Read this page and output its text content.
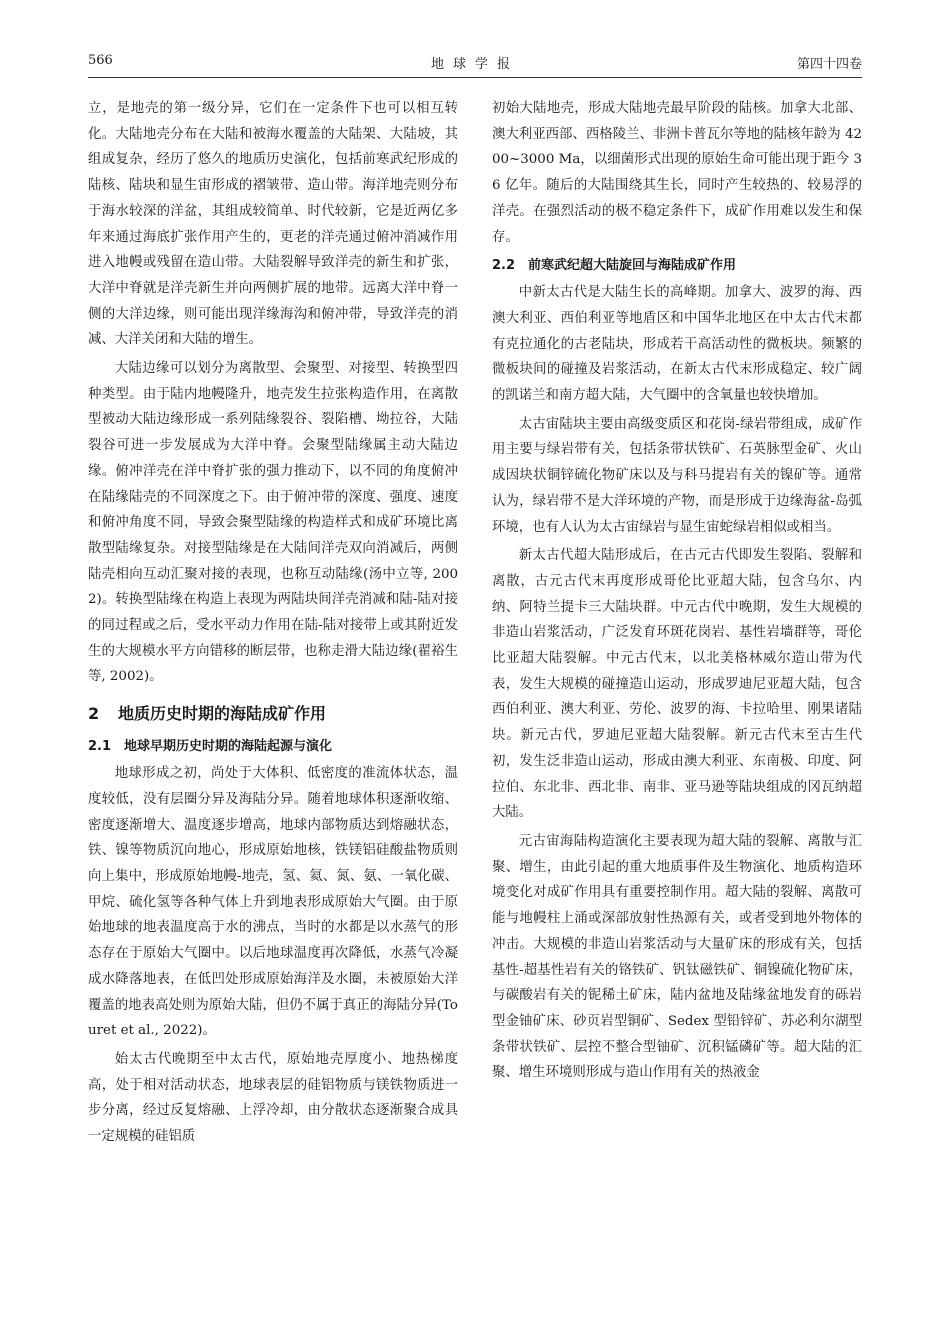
566	地球学报	第四十四卷

立，是地壳的第一级分异，它们在一定条件下也可以相互转化。大陆地壳分布在大陆和被海水覆盖的大陆架、大陆坡，其组成复杂，经历了悠久的地质历史演化，包括前寒武纪形成的陆核、陆块和显生宙形成的褶皱带、造山带。海洋地壳则分布于海水较深的洋盆，其组成较简单、时代较新，它是近两亿多年来通过海底扩张作用产生的，更老的洋壳通过俯冲消减作用进入地幔或残留在造山带。大陆裂解导致洋壳的新生和扩张，大洋中脊就是洋壳新生并向两侧扩展的地带。远离大洋中脊一侧的大洋边缘，则可能出现洋缘海沟和俯冲带，导致洋壳的消减、大洋关闭和大陆的增生。

大陆边缘可以划分为离散型、会聚型、对接型、转换型四种类型。由于陆内地幔隆升，地壳发生拉张构造作用，在离散型被动大陆边缘形成一系列陆缘裂谷、裂陷槽、坳拉谷，大陆裂谷可进一步发展成为大洋中脊。会聚型陆缘属主动大陆边缘。俯冲洋壳在洋中脊扩张的强力推动下，以不同的角度俯冲在陆缘陆壳的不同深度之下。由于俯冲带的深度、强度、速度和俯冲角度不同，导致会聚型陆缘的构造样式和成矿环境比离散型陆缘复杂。对接型陆缘是在大陆间洋壳双向消减后，两侧陆壳相向互动汇聚对接的表现，也称互动陆缘(汤中立等, 2002)。转换型陆缘在构造上表现为两陆块间洋壳消减和陆-陆对接的同过程或之后，受水平动力作用在陆-陆对接带上或其附近发生的大规模水平方向错移的断层带，也称走滑大陆边缘(翟裕生等, 2002)。

2 地质历史时期的海陆成矿作用
2.1 地球早期历史时期的海陆起源与演化

地球形成之初，尚处于大体积、低密度的准流体状态，温度较低，没有层圈分异及海陆分异。随着地球体积逐渐收缩、密度逐渐增大、温度逐步增高，地球内部物质达到熔融状态，铁、镍等物质沉向地心，形成原始地核，铁镁铝硅酸盐物质则向上集中，形成原始地幔-地壳，氢、氦、氮、氨、一氧化碳、甲烷、硫化氢等各种气体上升到地表形成原始大气圈。由于原始地球的地表温度高于水的沸点，当时的水都是以水蒸气的形态存在于原始大气圈中。以后地球温度再次降低，水蒸气冷凝成水降落地表，在低凹处形成原始海洋及水圈，未被原始大洋覆盖的地表高处则为原始大陆，但仍不属于真正的海陆分异(Touret et al., 2022)。

始太古代晚期至中太古代，原始地壳厚度小、地热梯度高，处于相对活动状态，地球表层的硅铝物质与镁铁物质进一步分离，经过反复熔融、上浮冷却，由分散状态逐渐聚合成具一定规模的硅铝质

初始大陆地壳，形成大陆地壳最早阶段的陆核。加拿大北部、澳大利亚西部、西格陵兰、非洲卡普瓦尔等地的陆核年龄为 4200~3000 Ma，以细菌形式出现的原始生命可能出现于距今 36 亿年。随后的大陆围绕其生长，同时产生较热的、较易浮的洋壳。在强烈活动的极不稳定条件下，成矿作用难以发生和保存。

2.2 前寒武纪超大陆旋回与海陆成矿作用

中新太古代是大陆生长的高峰期。加拿大、波罗的海、西澳大利亚、西伯利亚等地盾区和中国华北地区在中太古代末都有克拉通化的古老陆块，形成若干高活动性的微板块。频繁的微板块间的碰撞及岩浆活动，在新太古代末形成稳定、较广阔的凯诺兰和南方超大陆，大气圈中的含氧量也较快增加。

太古宙陆块主要由高级变质区和花岗-绿岩带组成，成矿作用主要与绿岩带有关，包括条带状铁矿、石英脉型金矿、火山成因块状铜锌硫化物矿床以及与科马提岩有关的镍矿等。通常认为，绿岩带不是大洋环境的产物，而是形成于边缘海盆-岛弧环境，也有人认为太古宙绿岩与显生宙蛇绿岩相似或相当。

新太古代超大陆形成后，在古元古代即发生裂陷、裂解和离散，古元古代末再度形成哥伦比亚超大陆，包含乌尔、内纳、阿特兰提卡三大陆块群。中元古代中晚期，发生大规模的非造山岩浆活动，广泛发育环斑花岗岩、基性岩墙群等，哥伦比亚超大陆裂解。中元古代末，以北美格林威尔造山带为代表，发生大规模的碰撞造山运动，形成罗迪尼亚超大陆，包含西伯利亚、澳大利亚、劳伦、波罗的海、卡拉哈里、刚果诸陆块。新元古代，罗迪尼亚超大陆裂解。新元古代末至古生代初，发生泛非造山运动，形成由澳大利亚、东南极、印度、阿拉伯、东北非、西北非、南非、亚马逊等陆块组成的冈瓦纳超大陆。

元古宙海陆构造演化主要表现为超大陆的裂解、离散与汇聚、增生，由此引起的重大地质事件及生物演化、地质构造环境变化对成矿作用具有重要控制作用。超大陆的裂解、离散可能与地幔柱上涌或深部放射性热源有关，或者受到地外物体的冲击。大规模的非造山岩浆活动与大量矿床的形成有关，包括基性-超基性岩有关的铬铁矿、钒钛磁铁矿、铜镍硫化物矿床，与碳酸岩有关的铌稀土矿床，陆内盆地及陆缘盆地发育的砾岩型金铀矿床、砂页岩型铜矿、Sedex 型铅锌矿、苏必利尔湖型条带状铁矿、层控不整合型铀矿、沉积锰磷矿等。超大陆的汇聚、增生环境则形成与造山作用有关的热液金
